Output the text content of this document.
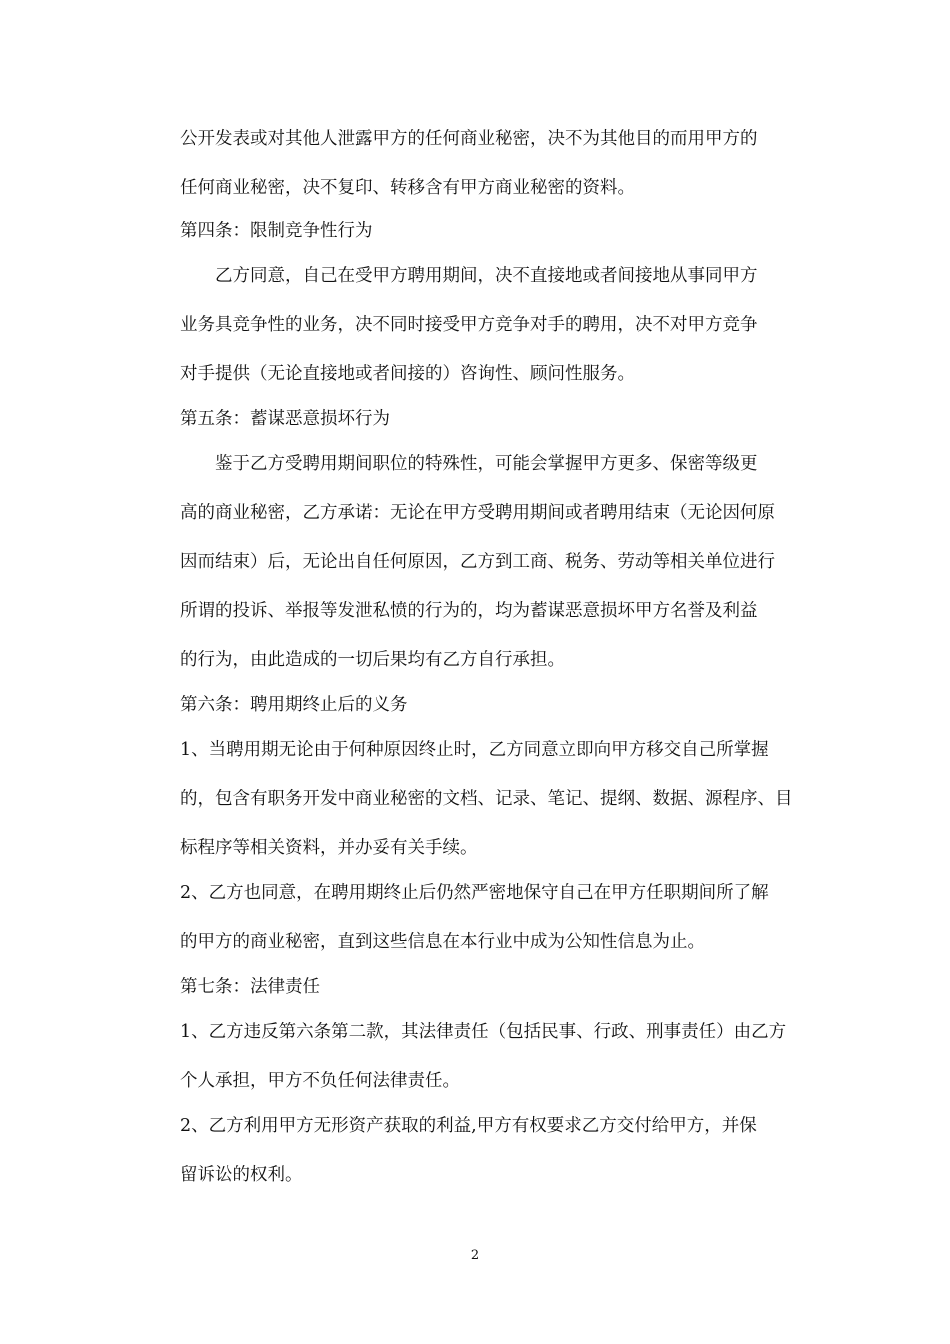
公开发表或对其他人泄露甲方的任何商业秘密，决不为其他目的而用甲方的
任何商业秘密，决不复印、转移含有甲方商业秘密的资料。
第四条：限制竞争性行为
乙方同意，自己在受甲方聘用期间，决不直接地或者间接地从事同甲方
业务具竞争性的业务，决不同时接受甲方竞争对手的聘用，决不对甲方竞争
对手提供（无论直接地或者间接的）咨询性、顾问性服务。
第五条：蓄谋恶意损坏行为
鉴于乙方受聘用期间职位的特殊性，可能会掌握甲方更多、保密等级更
高的商业秘密，乙方承诺：无论在甲方受聘用期间或者聘用结束（无论因何原
因而结束）后，无论出自任何原因，乙方到工商、税务、劳动等相关单位进行
所谓的投诉、举报等发泄私愤的行为的，均为蓄谋恶意损坏甲方名誉及利益
的行为，由此造成的一切后果均有乙方自行承担。
第六条：聘用期终止后的义务
1、当聘用期无论由于何种原因终止时，乙方同意立即向甲方移交自己所掌握
的，包含有职务开发中商业秘密的文档、记录、笔记、提纲、数据、源程序、目
标程序等相关资料，并办妥有关手续。
2、乙方也同意，在聘用期终止后仍然严密地保守自己在甲方任职期间所了解
的甲方的商业秘密，直到这些信息在本行业中成为公知性信息为止。
第七条：法律责任
1、乙方违反第六条第二款，其法律责任（包括民事、行政、刑事责任）由乙方
个人承担，甲方不负任何法律责任。
2、乙方利用甲方无形资产获取的利益,甲方有权要求乙方交付给甲方，并保
留诉讼的权利。
2
